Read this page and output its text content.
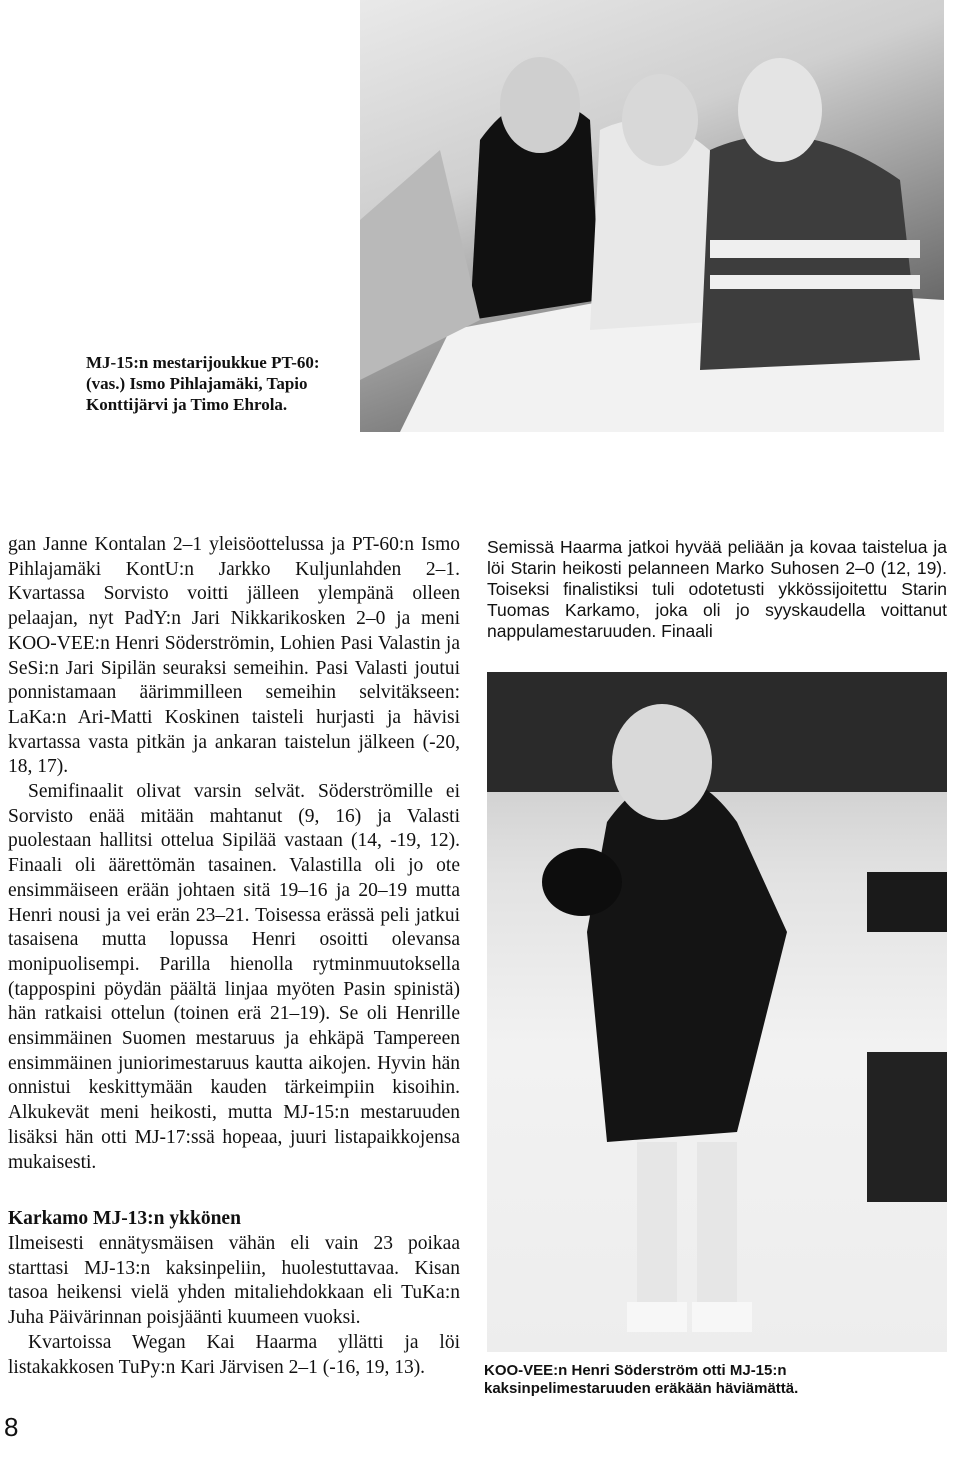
MJ-15:n mestarijoukkue PT-60: (vas.) Ismo Pihlajamäki, Tapio Konttijärvi ja Timo Ehrola.

gan Janne Kontalan 2–1 yleisöottelussa ja PT-60:n Ismo Pihlajamäki KontU:n Jarkko Kuljunlahden 2–1. Kvartassa Sorvisto voitti jälleen ylempänä olleen pelaajan, nyt PadY:n Jari Nikkarikosken 2–0 ja meni KOO-VEE:n Henri Söderströmin, Lohien Pasi Valastin ja SeSi:n Jari Sipilän seuraksi semeihin. Pasi Valasti joutui ponnistamaan äärimmilleen semeihin selvitäkseen: LaKa:n Ari-Matti Koskinen taisteli hurjasti ja hävisi kvartassa vasta pitkän ja ankaran taistelun jälkeen (-20, 18, 17).

Semifinaalit olivat varsin selvät. Söderströmille ei Sorvisto enää mitään mahtanut (9, 16) ja Valasti puolestaan hallitsi ottelua Sipilää vastaan (14, -19, 12). Finaali oli äärettömän tasainen. Valastilla oli jo ote ensimmäiseen erään johtaen sitä 19–16 ja 20–19 mutta Henri nousi ja vei erän 23–21. Toisessa erässä peli jatkui tasaisena mutta lopussa Henri osoitti olevansa monipuolisempi. Parilla hienolla rytminmuutoksella (tappospini pöydän päältä linjaa myöten Pasin spinistä) hän ratkaisi ottelun (toinen erä 21–19). Se oli Henrille ensimmäinen Suomen mestaruus ja ehkäpä Tampereen ensimmäinen juniorimestaruus kautta aikojen. Hyvin hän onnistui keskittymään kauden tärkeimpiin kisoihin. Alkukevät meni heikosti, mutta MJ-15:n mestaruuden lisäksi hän otti MJ-17:ssä hopeaa, juuri listapaikkojensa mukaisesti.

Semissä Haarma jatkoi hyvää peliään ja kovaa taistelua ja löi Starin heikosti pelanneen Marko Suhosen 2–0 (12, 19). Toiseksi finalistiksi tuli odotetusti ykkössijoitettu Starin Tuomas Karkamo, joka oli jo syyskaudella voittanut nappulamestaruuden. Finaali
Karkamo MJ-13:n ykkönen

Ilmeisesti ennätysmäisen vähän eli vain 23 poikaa starttasi MJ-13:n kaksinpeliin, huolestuttavaa. Kisan tasoa heikensi vielä yhden mitaliehdokkaan eli TuKa:n Juha Päivärinnan poisjäänti kuumeen vuoksi.

Kvartoissa Wegan Kai Haarma yllätti ja löi listakakkosen TuPy:n Kari Järvisen 2–1 (-16, 19, 13).	KOO-VEE:n Henri Söderström otti MJ-15:n kaksinpelimestaruuden eräkään häviämättä.
8
